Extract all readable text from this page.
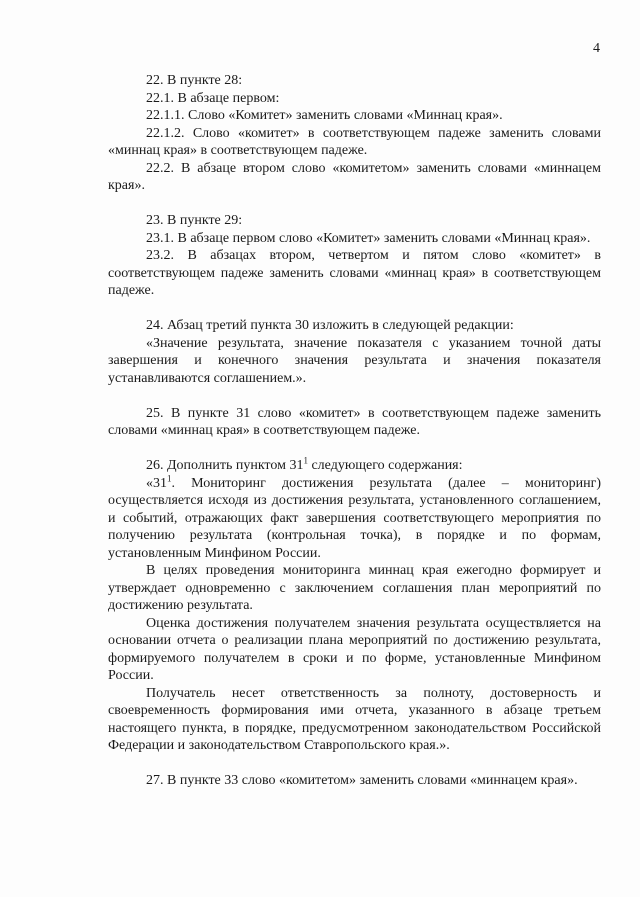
4

22. В пункте 28:

22.1. В абзаце первом:

22.1.1. Слово «Комитет» заменить словами «Миннац края».

22.1.2. Слово «комитет» в соответствующем падеже заменить словами «миннац края» в соответствующем падеже.

22.2. В абзаце втором слово «комитетом» заменить словами «миннацем края».

23. В пункте 29:

23.1. В абзаце первом слово «Комитет» заменить словами «Миннац края».

23.2. В абзацах втором, четвертом и пятом слово «комитет» в соответствующем падеже заменить словами «миннац края» в соответствующем падеже.

24. Абзац третий пункта 30 изложить в следующей редакции:

«Значение результата, значение показателя с указанием точной даты завершения и конечного значения результата и значения показателя устанавливаются соглашением.».

25. В пункте 31 слово «комитет» в соответствующем падеже заменить словами «миннац края» в соответствующем падеже.

26. Дополнить пунктом $31^1$ следующего содержания:

«$31^1$. Мониторинг достижения результата (далее – мониторинг) осуществляется исходя из достижения результата, установленного соглашением, и событий, отражающих факт завершения соответствующего мероприятия по получению результата (контрольная точка), в порядке и по формам, установленным Минфином России.

В целях проведения мониторинга миннац края ежегодно формирует и утверждает одновременно с заключением соглашения план мероприятий по достижению результата.

Оценка достижения получателем значения результата осуществляется на основании отчета о реализации плана мероприятий по достижению результата, формируемого получателем в сроки и по форме, установленные Минфином России.

Получатель несет ответственность за полноту, достоверность и своевременность формирования ими отчета, указанного в абзаце третьем настоящего пункта, в порядке, предусмотренном законодательством Российской Федерации и законодательством Ставропольского края.».

27. В пункте 33 слово «комитетом» заменить словами «миннацем края».
